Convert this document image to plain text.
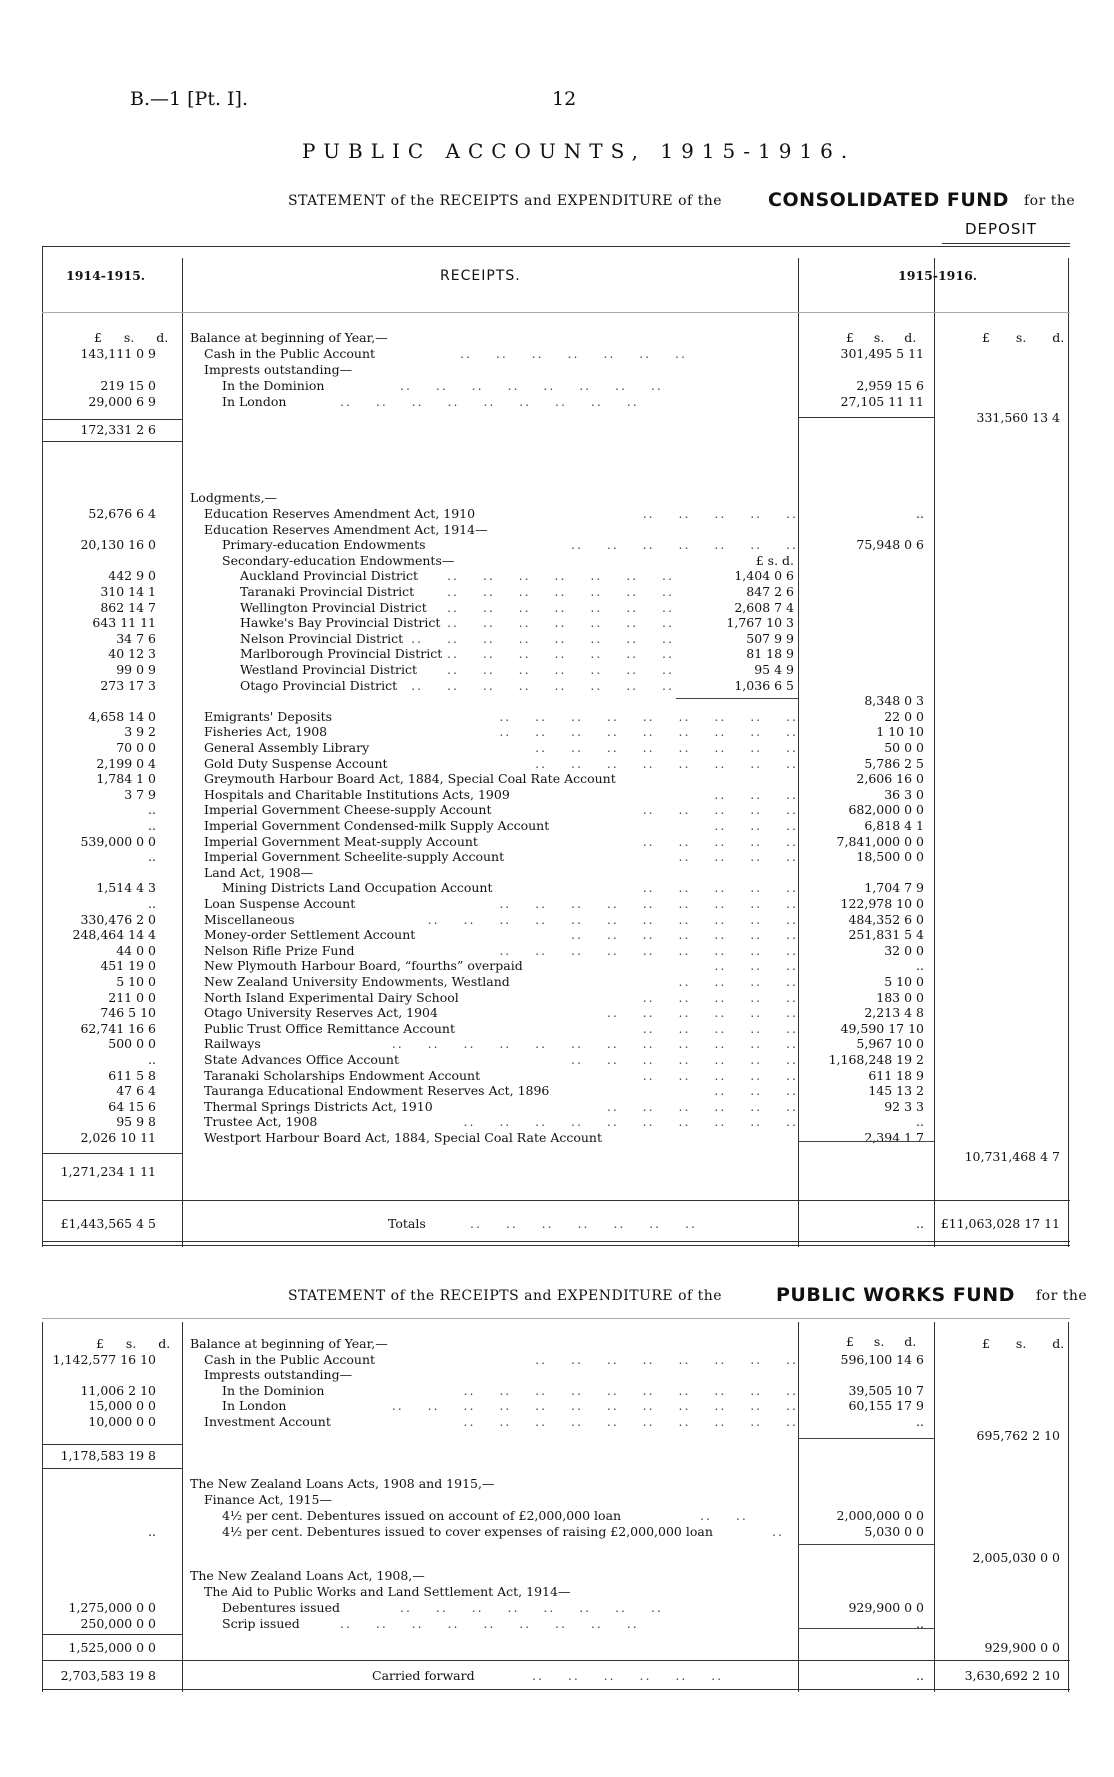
B.—1 [Pt. I].	12
PUBLIC ACCOUNTS, 1915-1916.
STATEMENT of the RECEIPTS and EXPENDITURE of the CONSOLIDATED FUND for the
DEPOSIT
1914-1915.	RECEIPTS.	1915-1916.
£ s. d.	£ s. d.	£ s. d.
Balance at beginning of Year,—
143,111 0 9	Cash in the Public Account	..    ..    ..    ..    ..    ..    ..	301,495 5 11
Imprests outstanding—
219 15 0	In the Dominion	..    ..    ..    ..    ..    ..    ..    ..	2,959 15 6
29,000 6 9	In London	..    ..    ..    ..    ..    ..    ..    ..    ..	27,105 11 11
172,331 2 6
331,560 13 4
Lodgments,—
52,676 6 4	Education Reserves Amendment Act, 1910	..    ..    ..    ..    ..	..
Education Reserves Amendment Act, 1914—
20,130 16 0	Primary-education Endowments	..    ..    ..    ..    ..    ..    ..	75,948 0 6
Secondary-education Endowments—	£ s. d.
442 9 0	Auckland Provincial District ..    ..    ..    ..    ..    ..    ..	1,404 0 6
310 14 1	Taranaki Provincial District	..    ..    ..    ..    ..    ..    ..	847 2 6
862 14 7	Wellington Provincial District ..    ..    ..    ..    ..    ..    ..	2,608 7 4
643 11 11	Hawke's Bay Provincial District ..    ..    ..    ..    ..    ..    ..	1,767 10 3
34 7 6	Nelson Provincial District ..    ..    ..    ..    ..    ..    ..    ..	507 9 9
40 12 3	Marlborough Provincial District ..    ..    ..    ..    ..    ..    ..	81 18 9
99 0 9	Westland Provincial District ..    ..    ..    ..    ..    ..    ..	95 4 9
273 17 3	Otago Provincial District ..    ..    ..    ..    ..    ..    ..    ..	1,036 6 5
8,348 0 3
4,658 14 0	Emigrants' Deposits	..    ..    ..    ..    ..    ..    ..    ..    ..	22 0 0
3 9 2	Fisheries Act, 1908	..    ..    ..    ..    ..    ..    ..    ..    ..	1 10 10
70 0 0	General Assembly Library	..    ..    ..    ..    ..    ..    ..    ..	50 0 0
2,199 0 4	Gold Duty Suspense Account	..    ..    ..    ..    ..    ..    ..    ..	5,786 2 5
1,784 1 0	Greymouth Harbour Board Act, 1884, Special Coal Rate Account	2,606 16 0
3 7 9	Hospitals and Charitable Institutions Acts, 1909	..    ..    ..	36 3 0
..	Imperial Government Cheese-supply Account	..    ..    ..    ..    ..	682,000 0 0
..	Imperial Government Condensed-milk Supply Account	..    ..    ..	6,818 4 1
539,000 0 0	Imperial Government Meat-supply Account	..    ..    ..    ..    ..	7,841,000 0 0
..	Imperial Government Scheelite-supply Account	..    ..    ..    ..	18,500 0 0
Land Act, 1908—
1,514 4 3	Mining Districts Land Occupation Account	..    ..    ..    ..    ..	1,704 7 9
..	Loan Suspense Account	..    ..    ..    ..    ..    ..    ..    ..    ..	122,978 10 0
330,476 2 0	Miscellaneous	..    ..    ..    ..    ..    ..    ..    ..    ..    ..    ..	484,352 6 0
248,464 14 4	Money-order Settlement Account	..    ..    ..    ..    ..    ..    ..	251,831 5 4
44 0 0	Nelson Rifle Prize Fund	..    ..    ..    ..    ..    ..    ..    ..    ..	32 0 0
451 19 0	New Plymouth Harbour Board, “fourths” overpaid	..    ..    ..	..
5 10 0	New Zealand University Endowments, Westland	..    ..    ..    ..	5 10 0
211 0 0	North Island Experimental Dairy School	..    ..    ..    ..    ..	183 0 0
746 5 10	Otago University Reserves Act, 1904	..    ..    ..    ..    ..    ..	2,213 4 8
62,741 16 6	Public Trust Office Remittance Account	..    ..    ..    ..    ..	49,590 17 10
500 0 0	Railways	..    ..    ..    ..    ..    ..    ..    ..    ..    ..    ..    ..	5,967 10 0
..	State Advances Office Account	..    ..    ..    ..    ..    ..    ..	1,168,248 19 2
611 5 8	Taranaki Scholarships Endowment Account	..    ..    ..    ..    ..	611 18 9
47 6 4	Tauranga Educational Endowment Reserves Act, 1896	..    ..    ..	145 13 2
64 15 6	Thermal Springs Districts Act, 1910	..    ..    ..    ..    ..    ..	92 3 3
95 9 8	Trustee Act, 1908	..    ..    ..    ..    ..    ..    ..    ..    ..    ..	..
2,026 10 11	Westport Harbour Board Act, 1884, Special Coal Rate Account	2,394 1 7
10,731,468 4 7
1,271,234 1 11
£1,443,565 4 5	Totals	..    ..    ..    ..    ..    ..    ..	..	£11,063,028 17 11
STATEMENT of the RECEIPTS and EXPENDITURE of the	PUBLIC WORKS FUND for the
£ s. d.	£ s. d.	£ s. d.
Balance at beginning of Year,—
1,142,577 16 10	Cash in the Public Account	..    ..    ..    ..    ..    ..    ..    ..	596,100 14 6
Imprests outstanding—
11,006 2 10	In the Dominion	..    ..    ..    ..    ..    ..    ..    ..    ..    ..	39,505 10 7
15,000 0 0	In London	..    ..    ..    ..    ..    ..    ..    ..    ..    ..    ..    ..	60,155 17 9
10,000 0 0	Investment Account	..    ..    ..    ..    ..    ..    ..    ..    ..    ..	..
1,178,583 19 8
695,762 2 10
The New Zealand Loans Acts, 1908 and 1915,—
Finance Act, 1915—
4½ per cent. Debentures issued on account of £2,000,000 loan	..    ..	2,000,000 0 0
..	4½ per cent. Debentures issued to cover expenses of raising £2,000,000 loan	..	5,030 0 0
2,005,030 0 0
The New Zealand Loans Act, 1908,—
The Aid to Public Works and Land Settlement Act, 1914—
1,275,000 0 0	Debentures issued	..    ..    ..    ..    ..    ..    ..    ..	929,900 0 0
250,000 0 0	Scrip issued	..    ..    ..    ..    ..    ..    ..    ..    ..	..
929,900 0 0
1,525,000 0 0
2,703,583 19 8	Carried forward	..    ..    ..    ..    ..    ..	..	3,630,692 2 10
